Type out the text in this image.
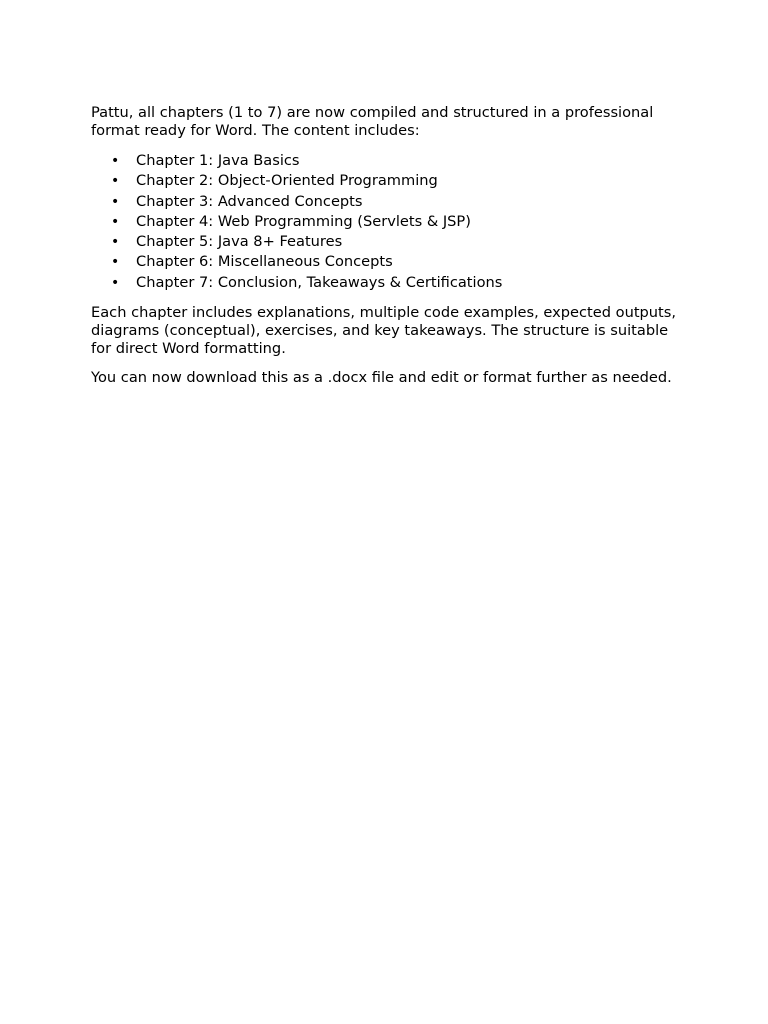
Pattu, all chapters (1 to 7) are now compiled and structured in a professional format ready for Word. The content includes:

• Chapter 1: Java Basics
• Chapter 2: Object-Oriented Programming
• Chapter 3: Advanced Concepts
• Chapter 4: Web Programming (Servlets & JSP)
• Chapter 5: Java 8+ Features
• Chapter 6: Miscellaneous Concepts
• Chapter 7: Conclusion, Takeaways & Certifications

Each chapter includes explanations, multiple code examples, expected outputs, diagrams (conceptual), exercises, and key takeaways. The structure is suitable for direct Word formatting.

You can now download this as a .docx file and edit or format further as needed.
